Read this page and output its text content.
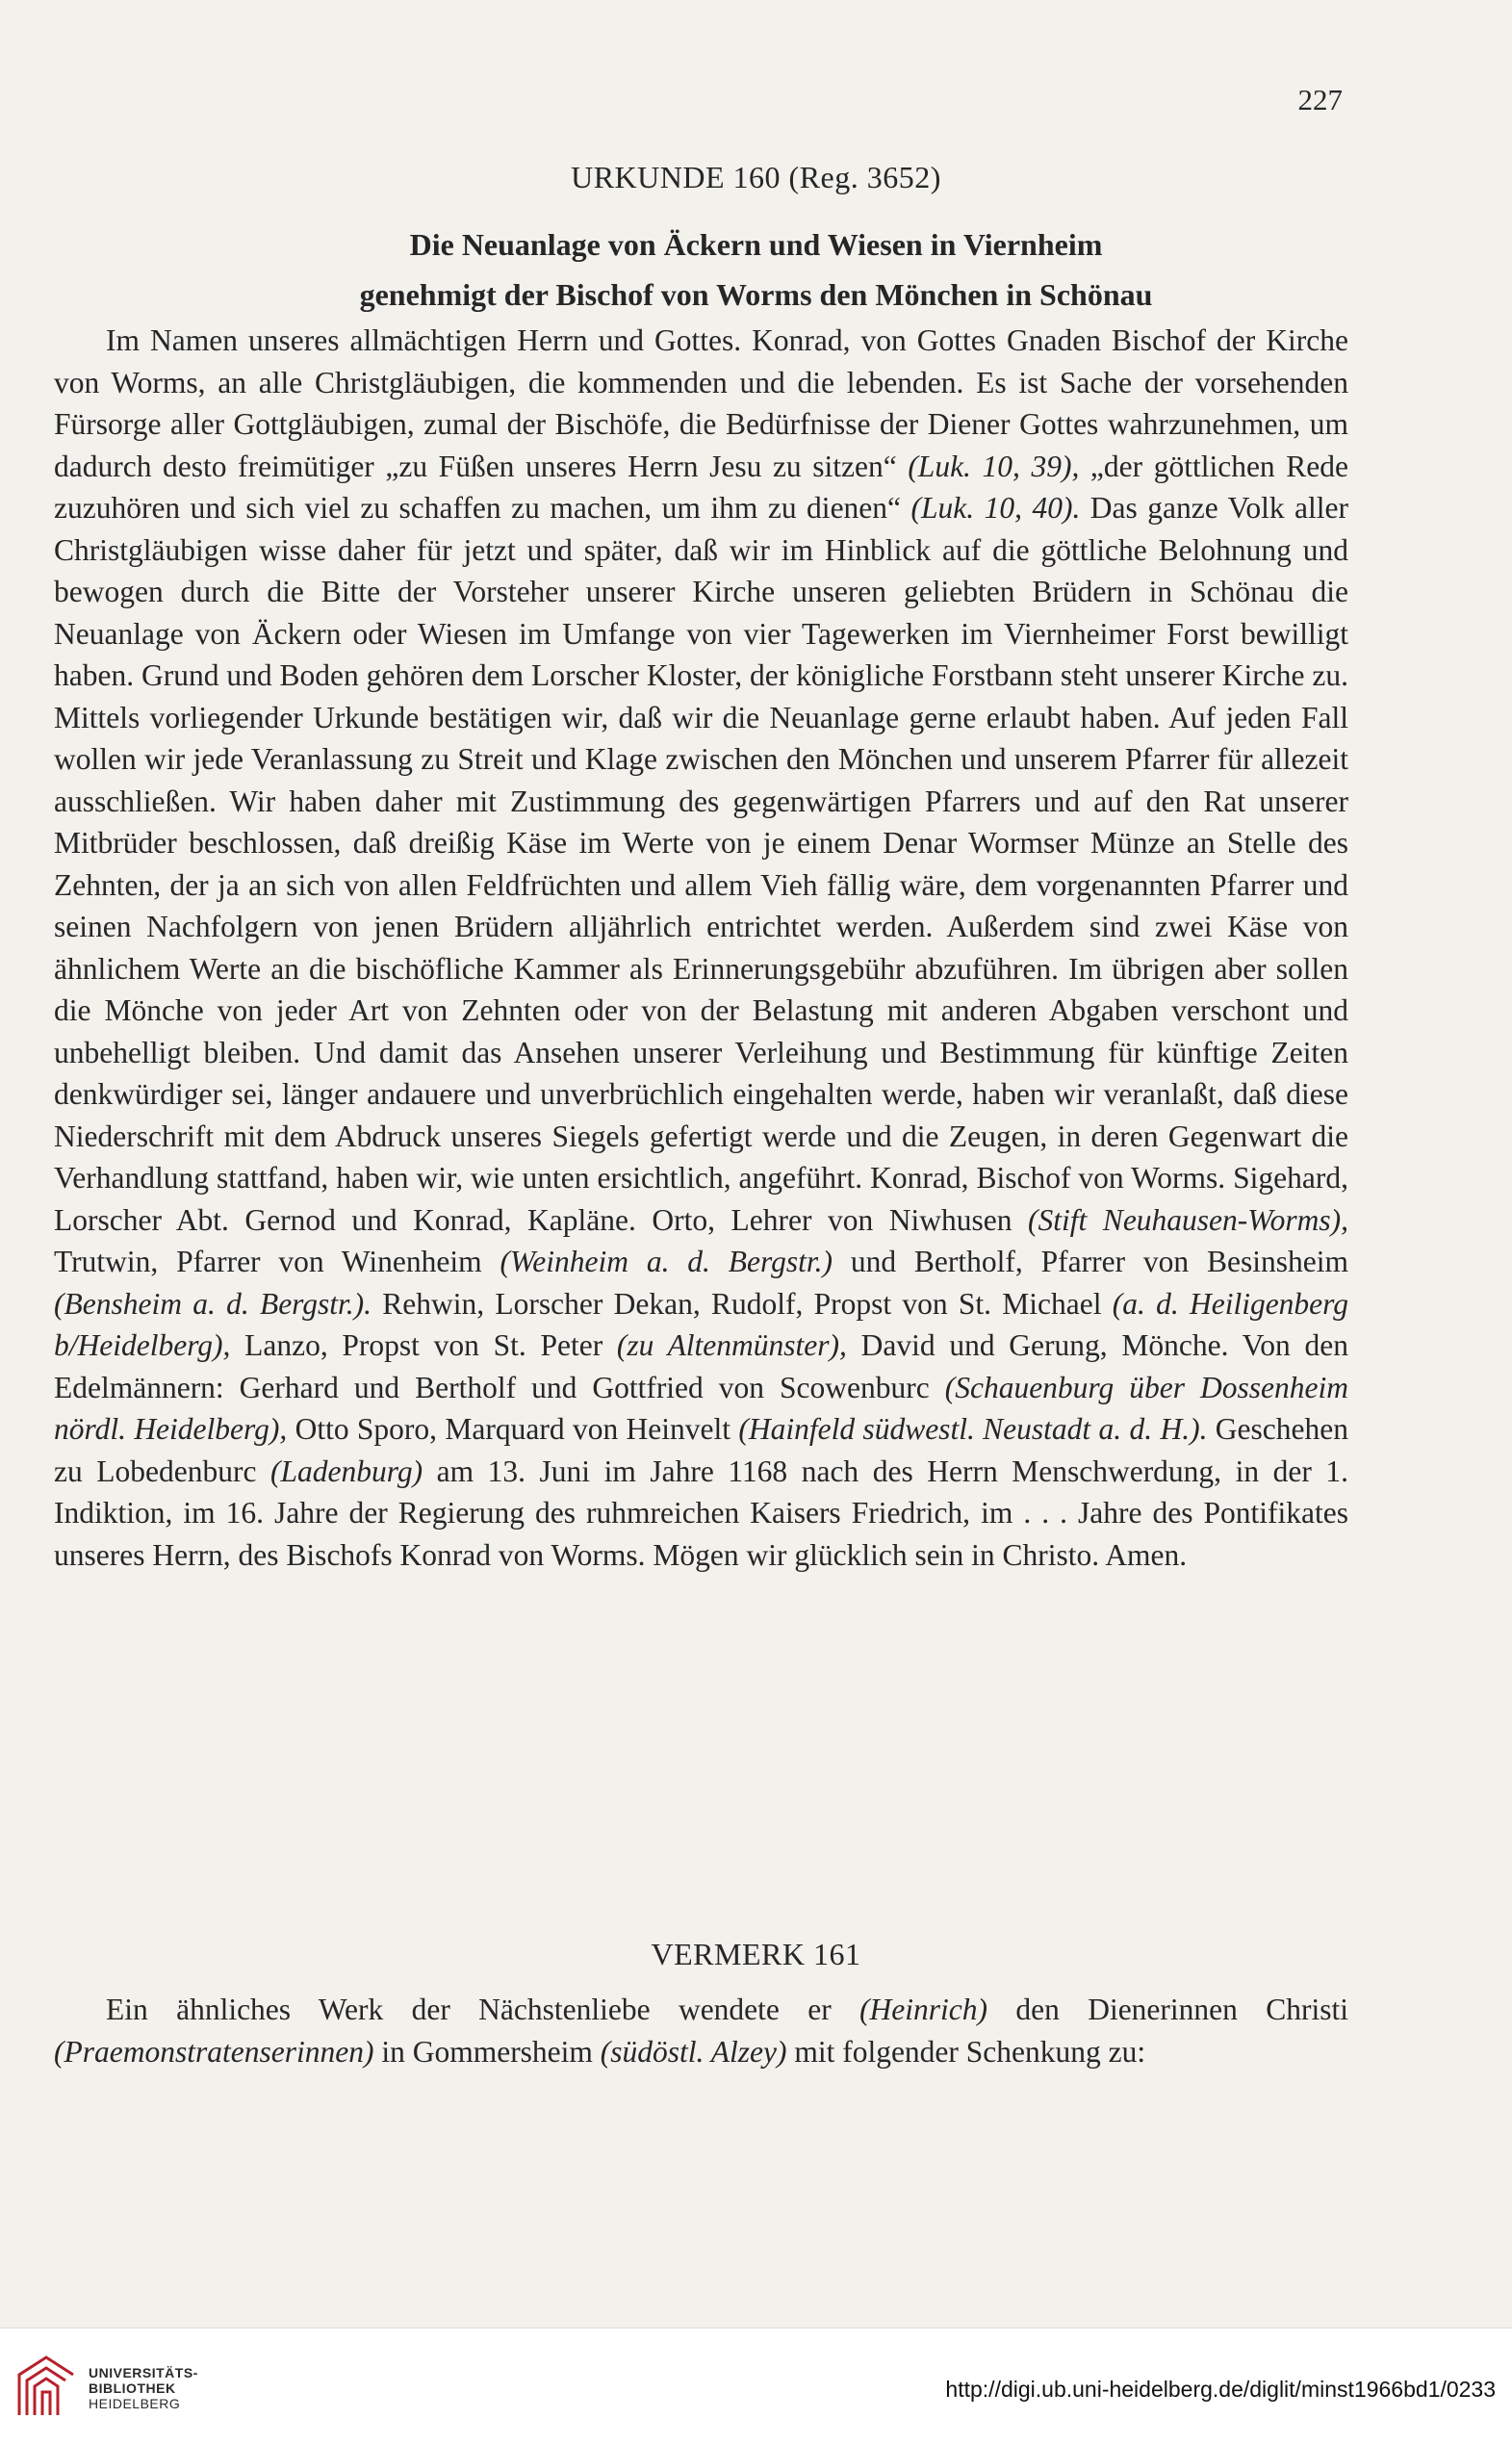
227
URKUNDE 160 (Reg. 3652)
Die Neuanlage von Äckern und Wiesen in Viernheim
genehmigt der Bischof von Worms den Mönchen in Schönau

Im Namen unseres allmächtigen Herrn und Gottes. Konrad, von Gottes Gnaden Bischof der Kirche von Worms, an alle Christgläubigen, die kommenden und die lebenden. Es ist Sache der vorsehenden Fürsorge aller Gottgläubigen, zumal der Bischöfe, die Bedürfnisse der Diener Gottes wahrzunehmen, um dadurch desto freimütiger „zu Füßen unseres Herrn Jesu zu sitzen“ (Luk. 10, 39), „der göttlichen Rede zuzuhören und sich viel zu schaffen zu machen, um ihm zu dienen“ (Luk. 10, 40). Das ganze Volk aller Christgläubigen wisse daher für jetzt und später, daß wir im Hinblick auf die göttliche Belohnung und bewogen durch die Bitte der Vorsteher unserer Kirche unseren geliebten Brüdern in Schönau die Neuanlage von Äckern oder Wiesen im Umfange von vier Tagewerken im Viernheimer Forst bewilligt haben. Grund und Boden gehören dem Lorscher Kloster, der königliche Forstbann steht unserer Kirche zu. Mittels vorliegender Urkunde bestätigen wir, daß wir die Neuanlage gerne erlaubt haben. Auf jeden Fall wollen wir jede Veranlassung zu Streit und Klage zwischen den Mönchen und unserem Pfarrer für allezeit ausschließen. Wir haben daher mit Zustimmung des gegenwärtigen Pfarrers und auf den Rat unserer Mitbrüder beschlossen, daß dreißig Käse im Werte von je einem Denar Wormser Münze an Stelle des Zehnten, der ja an sich von allen Feldfrüchten und allem Vieh fällig wäre, dem vorgenannten Pfarrer und seinen Nachfolgern von jenen Brüdern alljährlich entrichtet werden. Außerdem sind zwei Käse von ähnlichem Werte an die bischöfliche Kammer als Erinnerungsgebühr abzuführen. Im übrigen aber sollen die Mönche von jeder Art von Zehnten oder von der Belastung mit anderen Abgaben verschont und unbehelligt bleiben. Und damit das Ansehen unserer Verleihung und Bestimmung für künftige Zeiten denkwürdiger sei, länger andauere und unverbrüchlich eingehalten werde, haben wir veranlaßt, daß diese Niederschrift mit dem Abdruck unseres Siegels gefertigt werde und die Zeugen, in deren Gegenwart die Verhandlung stattfand, haben wir, wie unten ersichtlich, angeführt. Konrad, Bischof von Worms. Sigehard, Lorscher Abt. Gernod und Konrad, Kapläne. Orto, Lehrer von Niwhusen (Stift Neuhausen-Worms), Trutwin, Pfarrer von Winenheim (Weinheim a. d. Bergstr.) und Bertholf, Pfarrer von Besinsheim (Bensheim a. d. Bergstr.). Rehwin, Lorscher Dekan, Rudolf, Propst von St. Michael (a. d. Heiligenberg b/Heidelberg), Lanzo, Propst von St. Peter (zu Altenmünster), David und Gerung, Mönche. Von den Edelmännern: Gerhard und Bertholf und Gottfried von Scowenburc (Schauenburg über Dossenheim nördl. Heidelberg), Otto Sporo, Marquard von Heinvelt (Hainfeld südwestl. Neustadt a. d. H.). Geschehen zu Lobedenburc (Ladenburg) am 13. Juni im Jahre 1168 nach des Herrn Menschwerdung, in der 1. Indiktion, im 16. Jahre der Regierung des ruhmreichen Kaisers Friedrich, im . . . Jahre des Pontifikates unseres Herrn, des Bischofs Konrad von Worms. Mögen wir glücklich sein in Christo. Amen.

VERMERK 161

Ein ähnliches Werk der Nächstenliebe wendete er (Heinrich) den Dienerinnen Christi (Praemonstratenserinnen) in Gommersheim (südöstl. Alzey) mit folgender Schenkung zu:

UNIVERSITÄTS-
BIBLIOTHEK
HEIDELBERG
http://digi.ub.uni-heidelberg.de/diglit/minst1966bd1/0233
